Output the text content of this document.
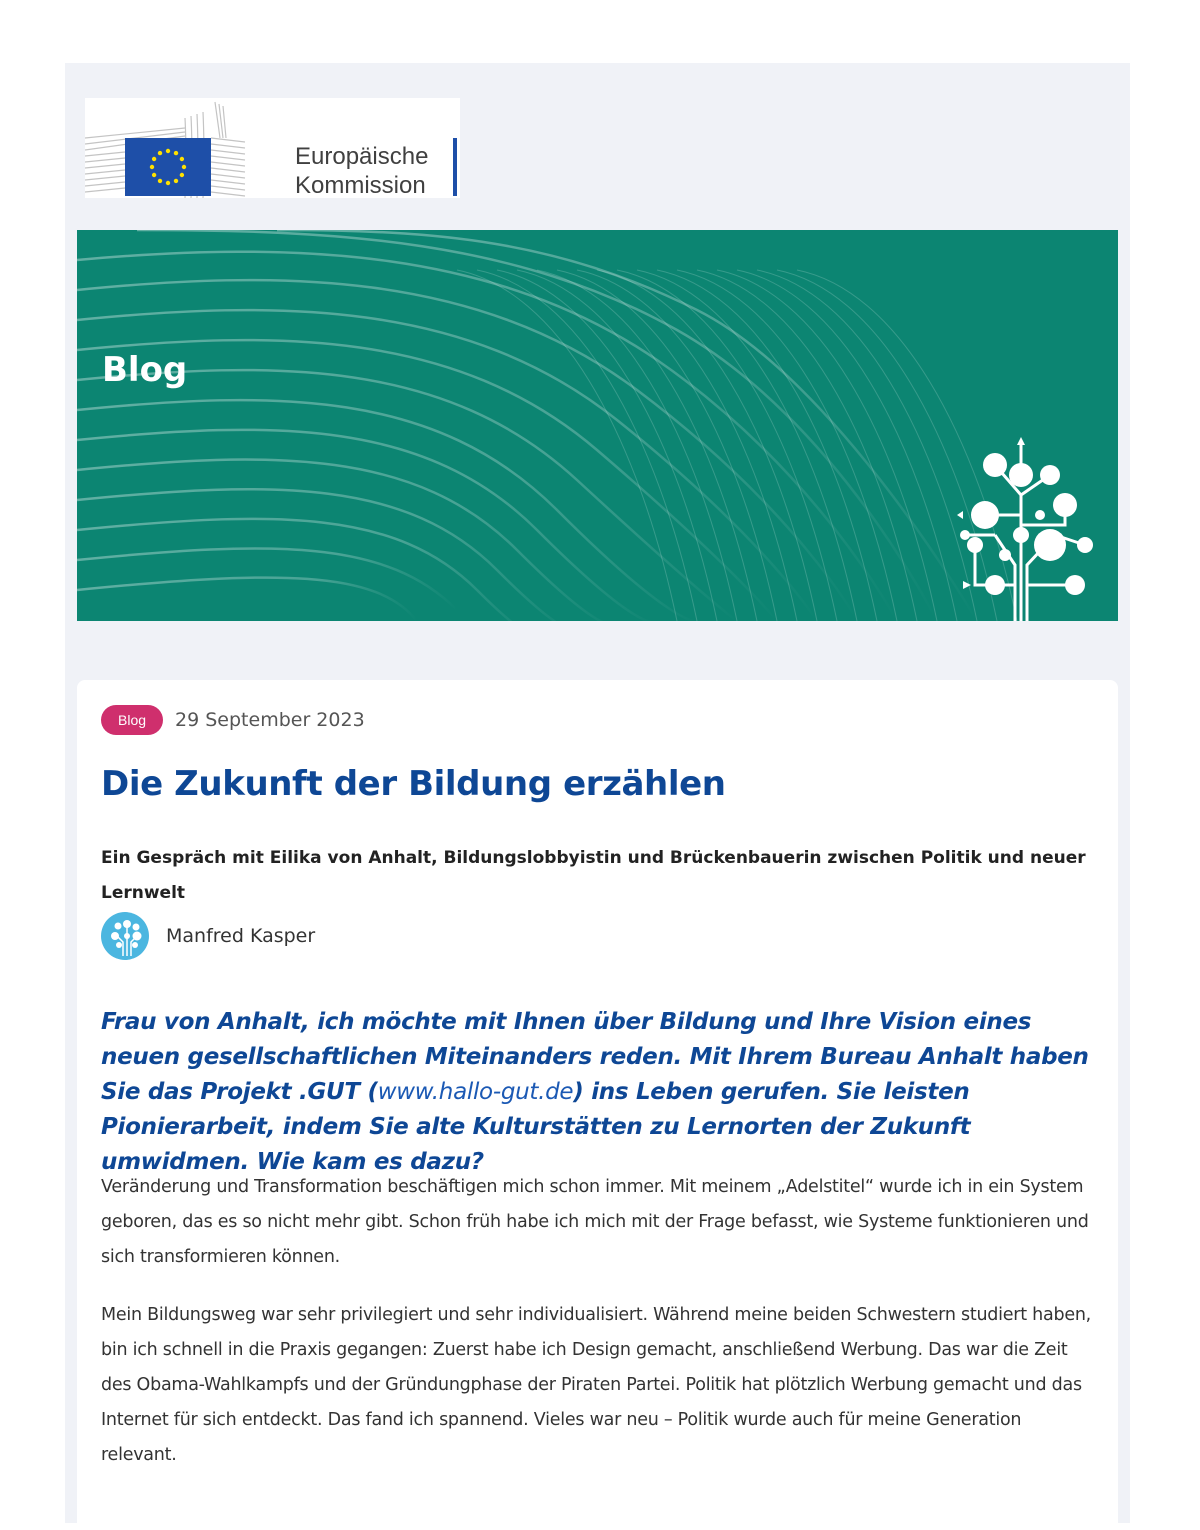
Europäische
Kommission
Blog
Blog	29 September 2023
Die Zukunft der Bildung erzählen

Ein Gespräch mit Eilika von Anhalt, Bildungslobbyistin und Brückenbauerin zwischen Politik und neuer Lernwelt

Manfred Kasper

Frau von Anhalt, ich möchte mit Ihnen über Bildung und Ihre Vision eines neuen gesellschaftlichen Miteinanders reden. Mit Ihrem Bureau Anhalt haben Sie das Projekt .GUT (www.hallo-gut.de) ins Leben gerufen. Sie leisten Pionierarbeit, indem Sie alte Kulturstätten zu Lernorten der Zukunft umwidmen. Wie kam es dazu?

Veränderung und Transformation beschäftigen mich schon immer. Mit meinem „Adelstitel“ wurde ich in ein System geboren, das es so nicht mehr gibt. Schon früh habe ich mich mit der Frage befasst, wie Systeme funktionieren und sich transformieren können.

Mein Bildungsweg war sehr privilegiert und sehr individualisiert. Während meine beiden Schwestern studiert haben, bin ich schnell in die Praxis gegangen: Zuerst habe ich Design gemacht, anschließend Werbung. Das war die Zeit des Obama-Wahlkampfs und der Gründungphase der Piraten Partei. Politik hat plötzlich Werbung gemacht und das Internet für sich entdeckt. Das fand ich spannend. Vieles war neu – Politik wurde auch für meine Generation relevant.
